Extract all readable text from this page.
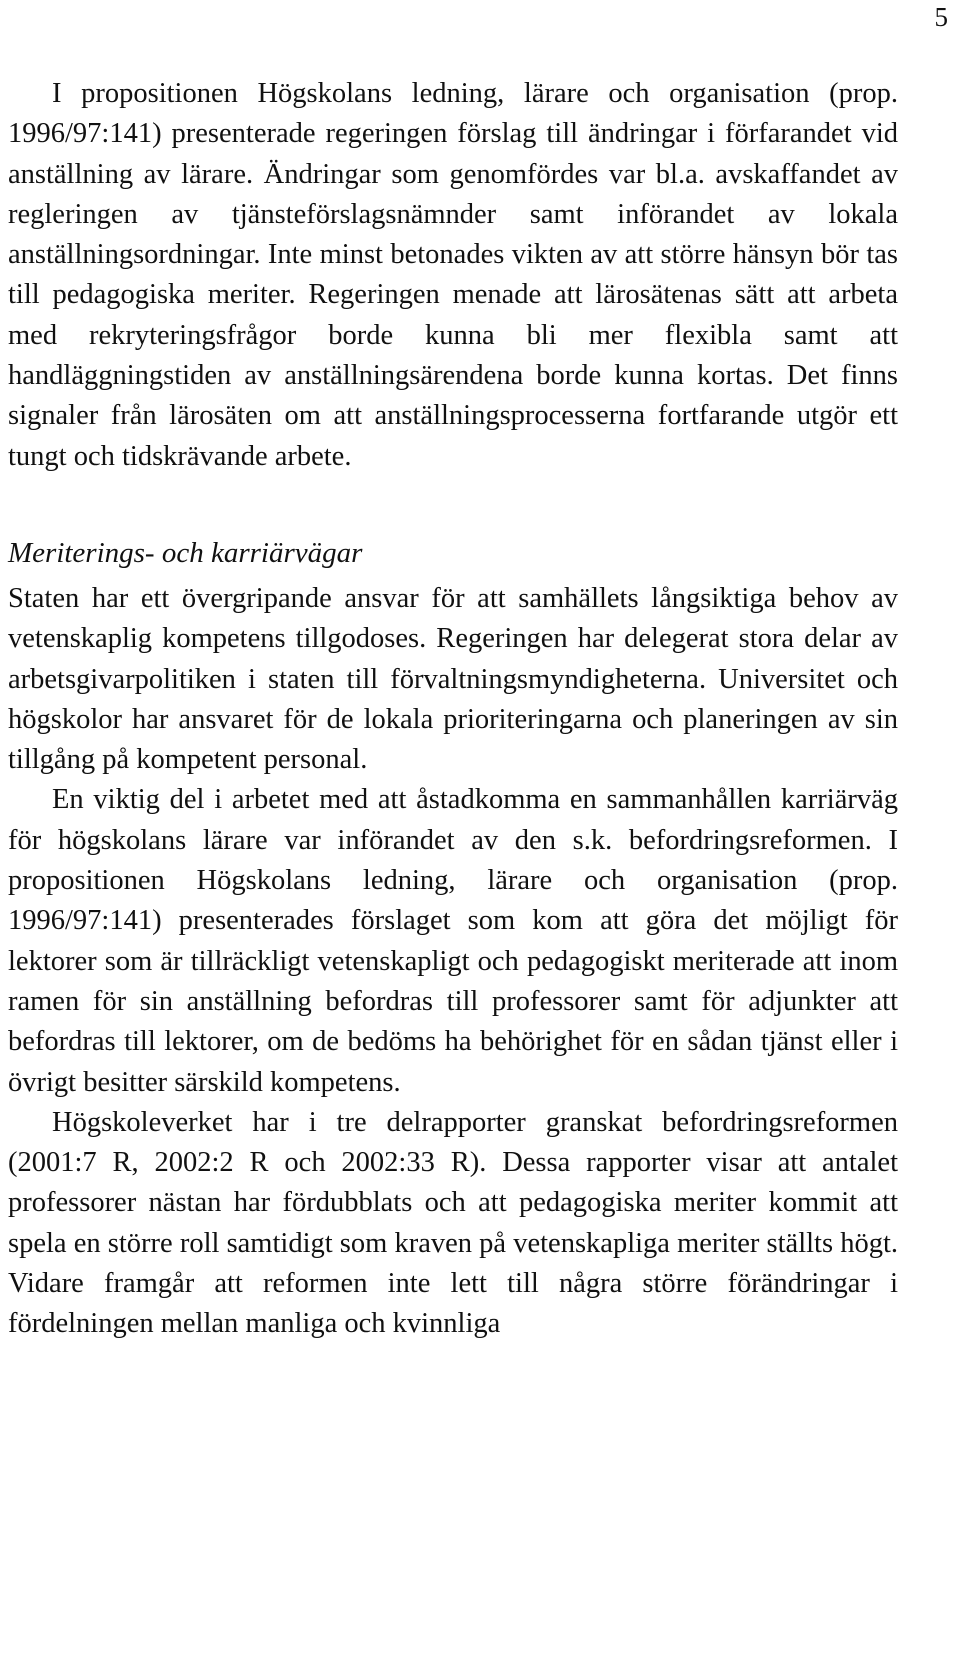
5

I propositionen Högskolans ledning, lärare och organisation (prop. 1996/97:141) presenterade regeringen förslag till ändringar i förfarandet vid anställning av lärare. Ändringar som genomfördes var bl.a. avskaffandet av regleringen av tjänsteförslagsnämnder samt införandet av lokala anställningsordningar. Inte minst betonades vikten av att större hänsyn bör tas till pedagogiska meriter. Regeringen menade att lärosätenas sätt att arbeta med rekryteringsfrågor borde kunna bli mer flexibla samt att handläggningstiden av anställningsärendena borde kunna kortas. Det finns signaler från lärosäten om att anställningsprocesserna fortfarande utgör ett tungt och tidskrävande arbete.

Meriterings- och karriärvägar

Staten har ett övergripande ansvar för att samhällets långsiktiga behov av vetenskaplig kompetens tillgodoses. Regeringen har delegerat stora delar av arbetsgivarpolitiken i staten till förvaltningsmyndigheterna. Universitet och högskolor har ansvaret för de lokala prioriteringarna och planeringen av sin tillgång på kompetent personal.

En viktig del i arbetet med att åstadkomma en sammanhållen karriärväg för högskolans lärare var införandet av den s.k. befordringsreformen. I propositionen Högskolans ledning, lärare och organisation (prop. 1996/97:141) presenterades förslaget som kom att göra det möjligt för lektorer som är tillräckligt vetenskapligt och pedagogiskt meriterade att inom ramen för sin anställning befordras till professorer samt för adjunkter att befordras till lektorer, om de bedöms ha behörighet för en sådan tjänst eller i övrigt besitter särskild kompetens.

Högskoleverket har i tre delrapporter granskat befordringsreformen (2001:7 R, 2002:2 R och 2002:33 R). Dessa rapporter visar att antalet professorer nästan har fördubblats och att pedagogiska meriter kommit att spela en större roll samtidigt som kraven på vetenskapliga meriter ställts högt. Vidare framgår att reformen inte lett till några större förändringar i fördelningen mellan manliga och kvinnliga
